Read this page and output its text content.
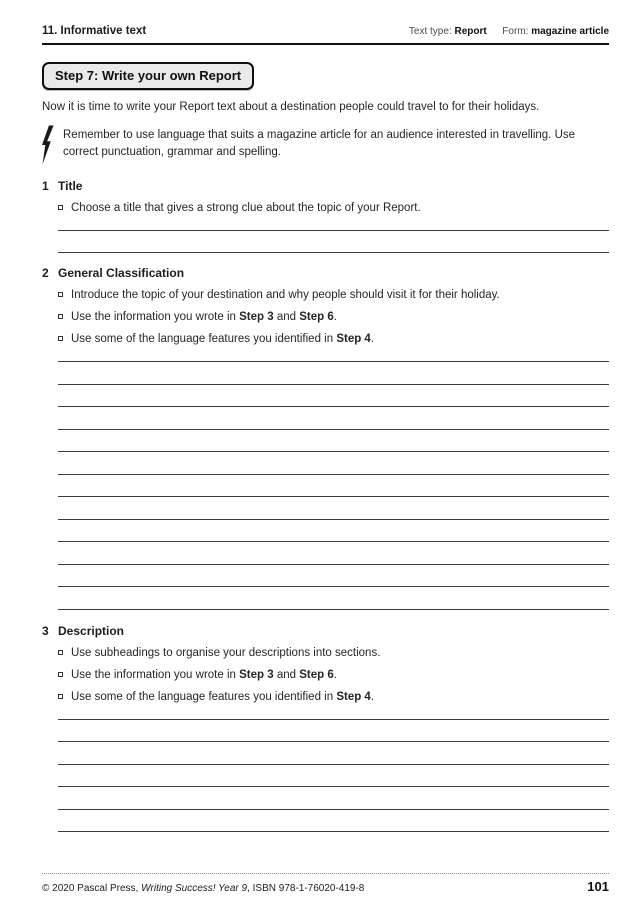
11. Informative text	Text type: Report Form: magazine article
Step 7: Write your own Report

Now it is time to write your Report text about a destination people could travel to for their holidays.

Remember to use language that suits a magazine article for an audience interested in travelling. Use correct punctuation, grammar and spelling.

1 Title
Choose a title that gives a strong clue about the topic of your Report.
2 General Classification
Introduce the topic of your destination and why people should visit it for their holiday.
Use the information you wrote in Step 3 and Step 6.
Use some of the language features you identified in Step 4.
3 Description
Use subheadings to organise your descriptions into sections.
Use the information you wrote in Step 3 and Step 6.
Use some of the language features you identified in Step 4.
© 2020 Pascal Press, Writing Success! Year 9, ISBN 978-1-76020-419-8	101
